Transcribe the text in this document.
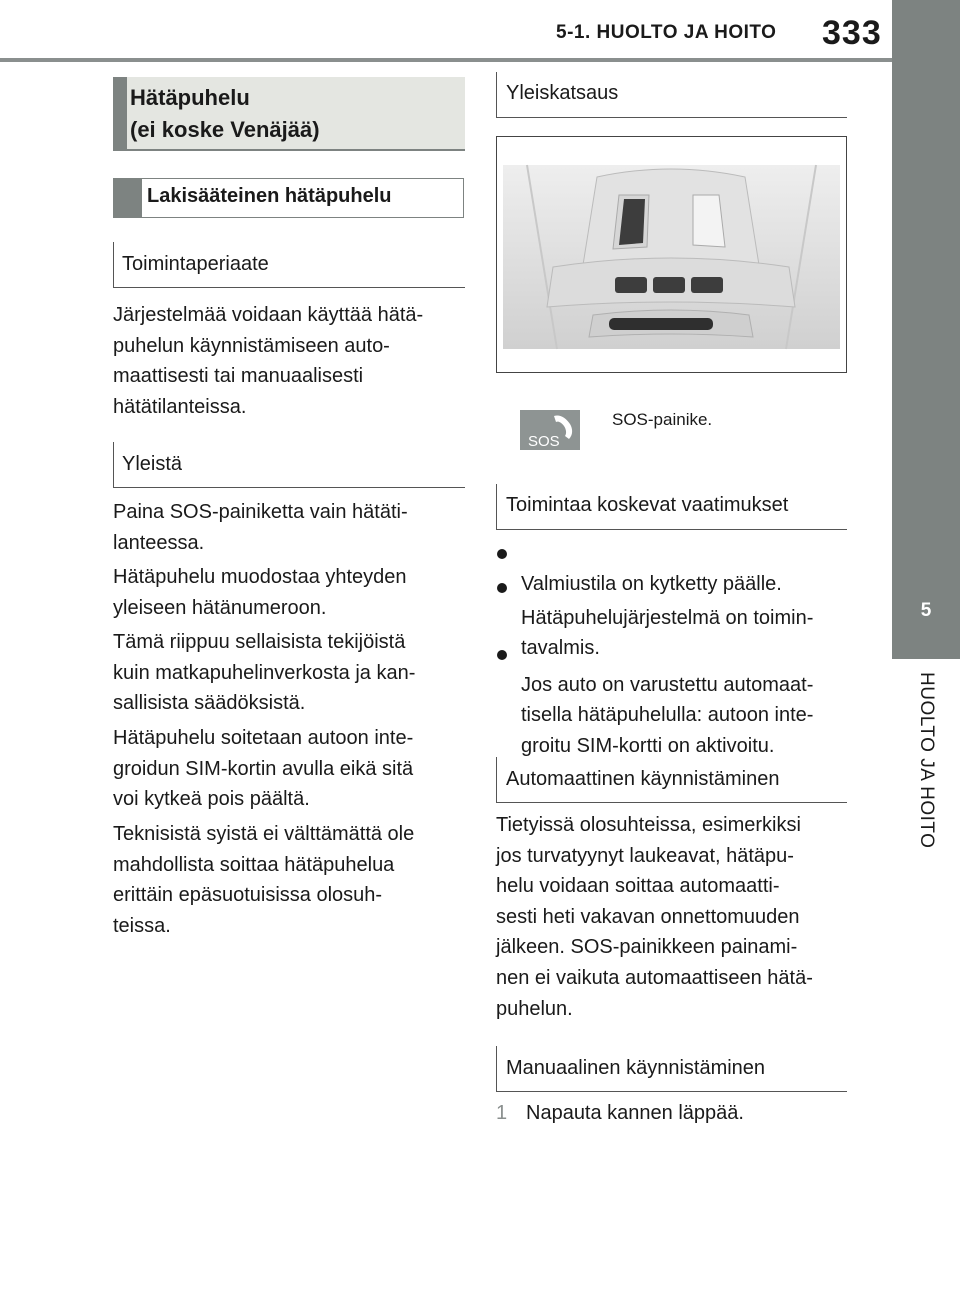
5-1. HUOLTO JA HOITO 333
5
HUOLTO JA HOITO
Hätäpuhelu
(ei koske Venäjää)
Lakisääteinen hätäpuhelu
Toimintaperiaate

Järjestelmää voidaan käyttää hätä-
puhelun käynnistämiseen auto-
maattisesti tai manuaalisesti
hätätilanteissa.

Yleistä

Paina SOS-painiketta vain hätäti-
lanteessa.

Hätäpuhelu muodostaa yhteyden
yleiseen hätänumeroon.

Tämä riippuu sellaisista tekijöistä
kuin matkapuhelinverkosta ja kan-
sallisista säädöksistä.

Hätäpuhelu soitetaan autoon inte-
groidun SIM-kortin avulla eikä sitä
voi kytkeä pois päältä.

Teknisistä syistä ei välttämättä ole
mahdollista soittaa hätäpuhelua
erittäin epäsuotuisissa olosuh-
teissa.

Yleiskatsaus
SOS
SOS-painike.
Toimintaa koskevat vaatimukset

Valmiustila on kytketty päälle.

Hätäpuhelujärjestelmä on toimin-
tavalmis.

Jos auto on varustettu automaat-
tisella hätäpuhelulla: autoon inte-
groitu SIM-kortti on aktivoitu.

Automaattinen käynnistäminen

Tietyissä olosuhteissa, esimerkiksi
jos turvatyynyt laukeavat, hätäpu-
helu voidaan soittaa automaatti-
sesti heti vakavan onnettomuuden
jälkeen. SOS-painikkeen painami-
nen ei vaikuta automaattiseen hätä-
puhelun.

Manuaalinen käynnistäminen
1 Napauta kannen läppää.
